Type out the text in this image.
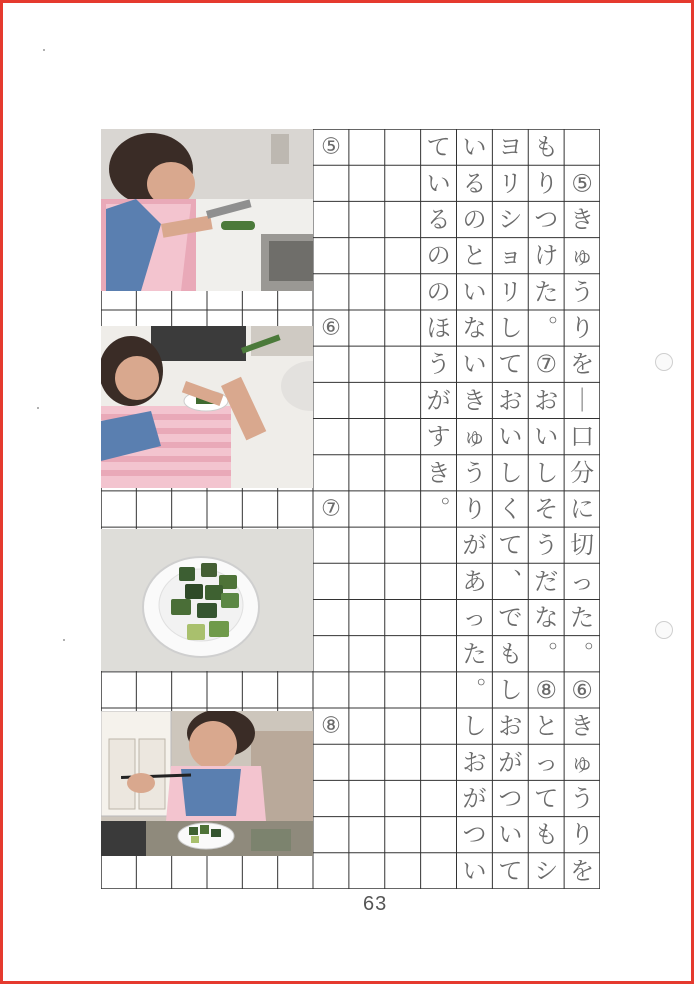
⑤
⑥
⑦
⑧

⑤
き
ゅ
う
り
を
｜
口
分
に
切
っ
た
︒
⑥
き
ゅ
う
り
を
も
り
つ
け
た
︒
⑦
お
い
し
そ
う
だ
な
︒
⑧
と
っ
て
も
シ
ヨ
リ
シ
ョ
リ
し
て
お
い
し
く
て
︑
で
も
し
お
が
つ
い
て
い
る
の
と
い
な
い
き
ゅ
う
り
が
あ
っ
た
︒
し
お
が
つ
い
て
い
る
の
の
ほ
う
が
す
き
︒
63
